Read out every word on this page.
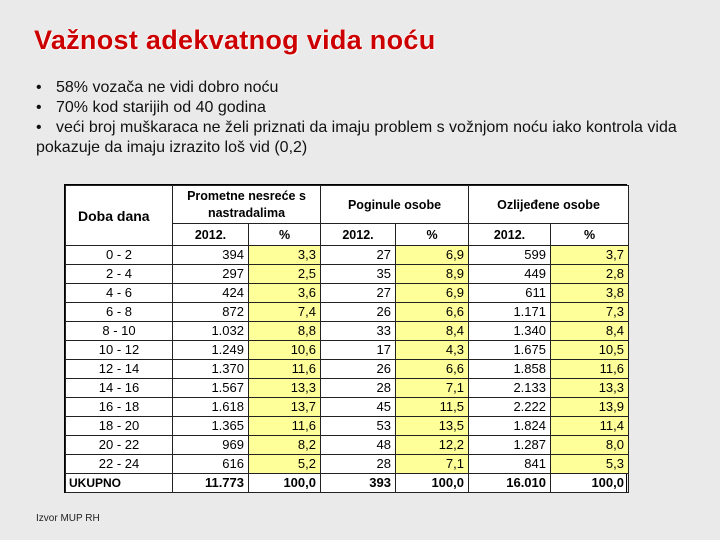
Važnost adekvatnog vida noću
• 58% vozača ne vidi dobro noću
• 70% kod starijih od 40 godina
• veći broj muškaraca ne želi priznati da imaju problem s vožnjom noću iako kontrola vida pokazuje da imaju izrazito loš vid (0,2)
Doba dana	Prometne nesreće s nastradalima		Poginule osobe		Ozlijeđene osobe	
	2012.	%	2012.	%	2012.	%
0 - 2	394	3,3	27	6,9	599	3,7
2 - 4	297	2,5	35	8,9	449	2,8
4 - 6	424	3,6	27	6,9	611	3,8
6 - 8	872	7,4	26	6,6	1.171	7,3
8 - 10	1.032	8,8	33	8,4	1.340	8,4
10 - 12	1.249	10,6	17	4,3	1.675	10,5
12 - 14	1.370	11,6	26	6,6	1.858	11,6
14 - 16	1.567	13,3	28	7,1	2.133	13,3
16 - 18	1.618	13,7	45	11,5	2.222	13,9
18 - 20	1.365	11,6	53	13,5	1.824	11,4
20 - 22	969	8,2	48	12,2	1.287	8,0
22 - 24	616	5,2	28	7,1	841	5,3
UKUPNO	11.773	100,0	393	100,0	16.010	100,0
Izvor MUP RH
